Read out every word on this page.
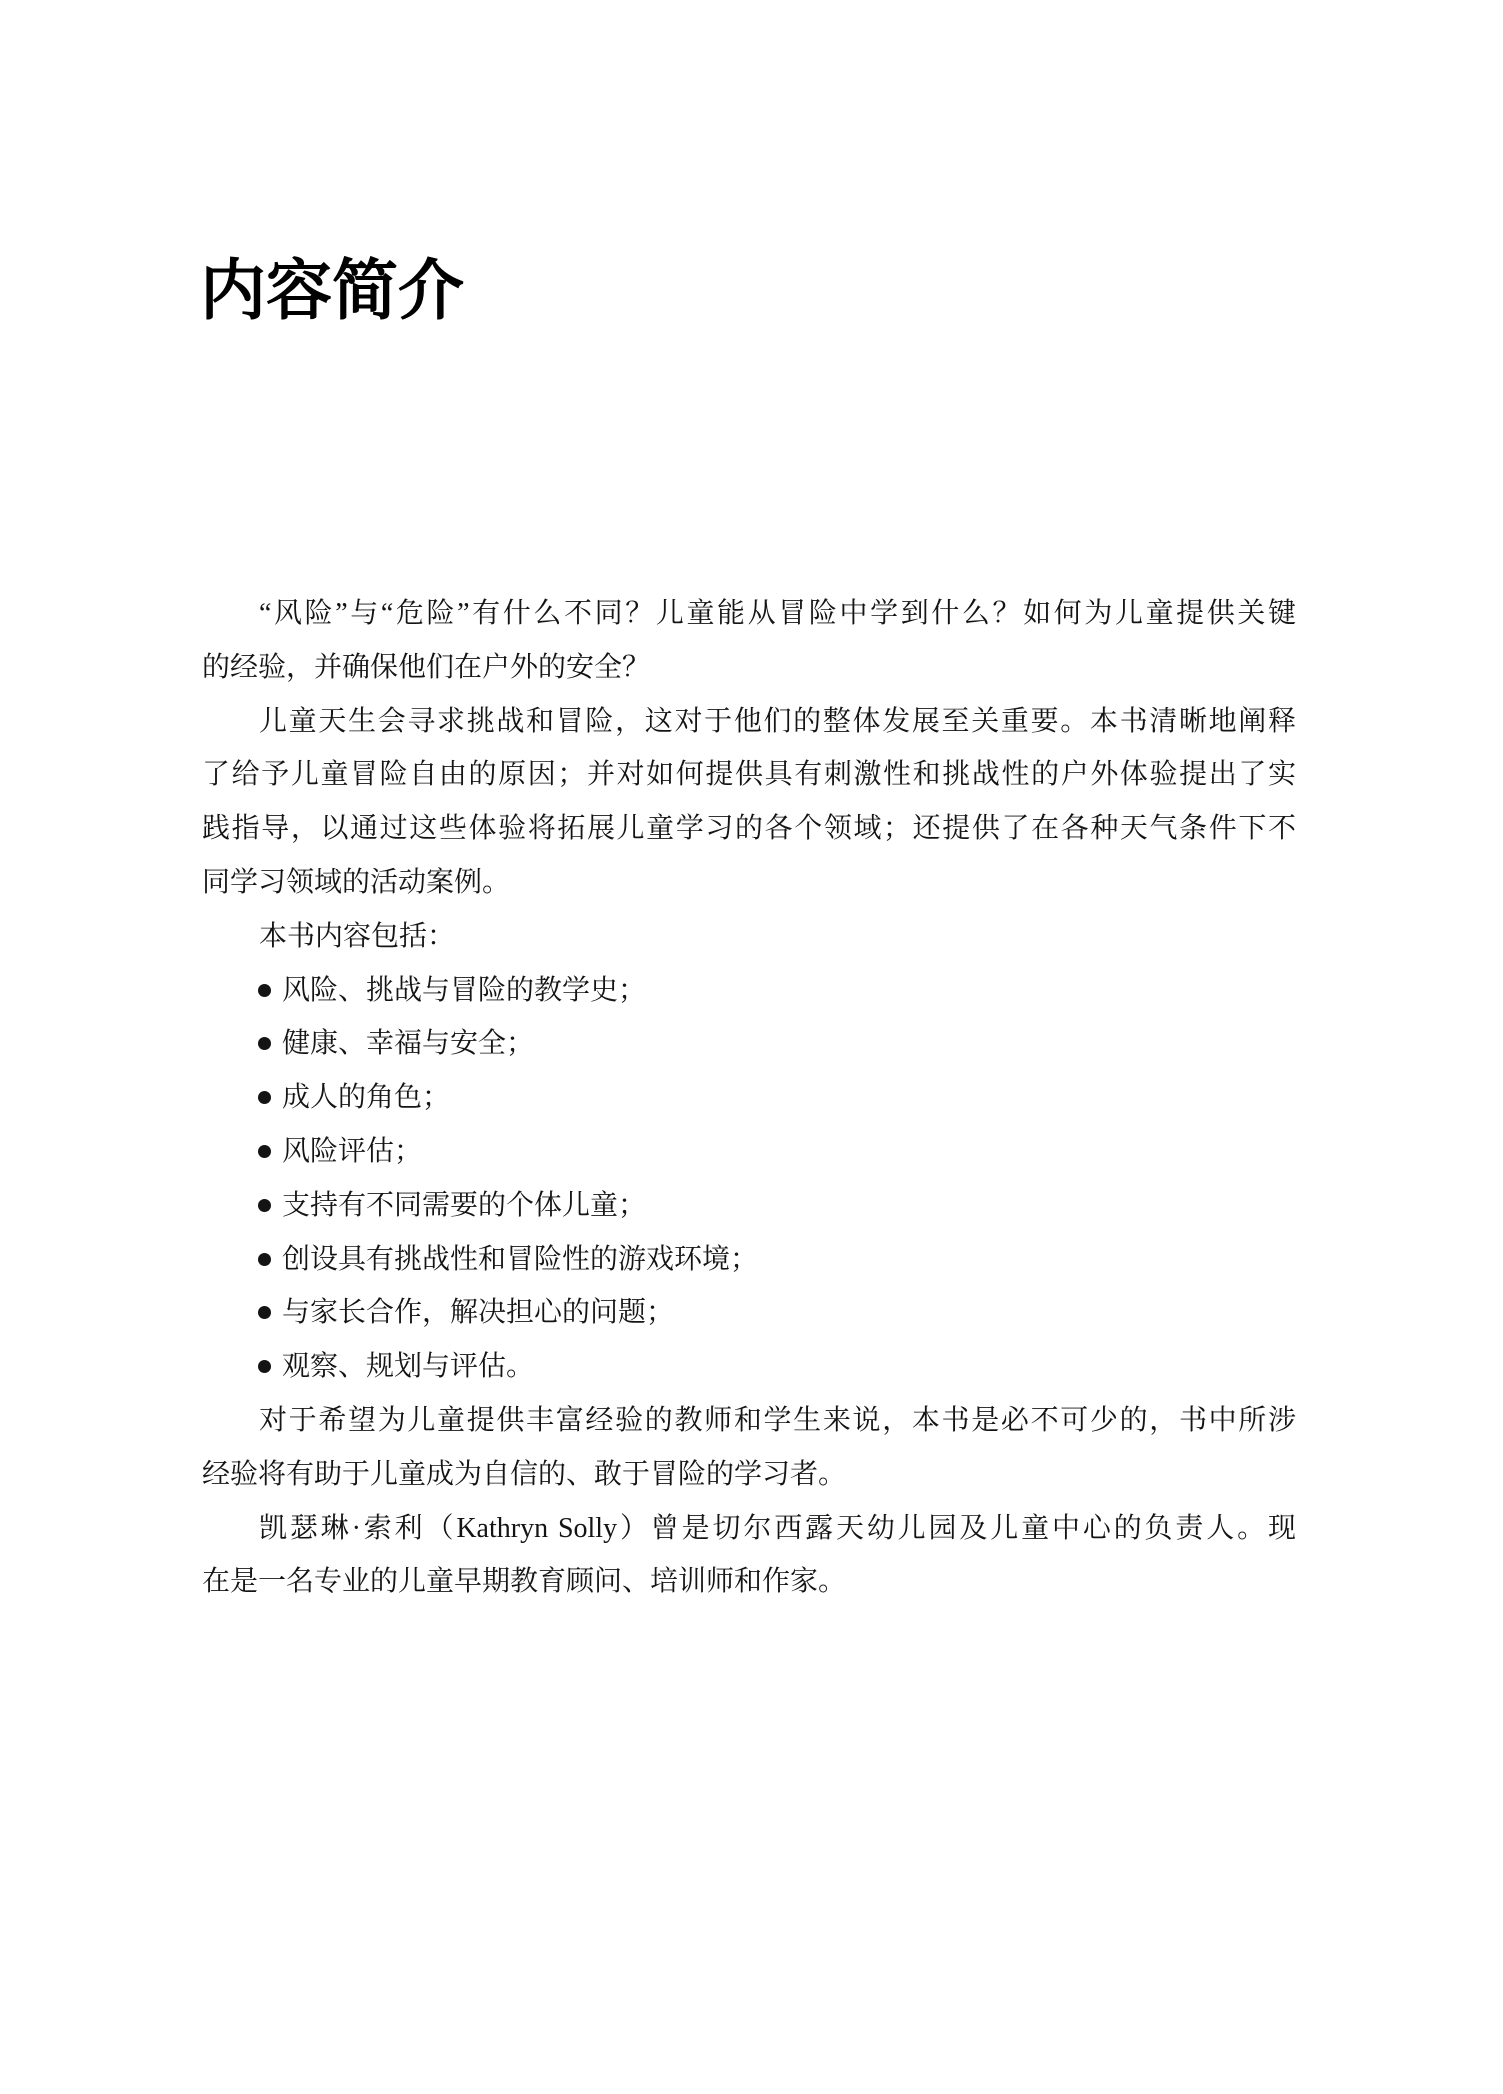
内容简介
“风险”与“危险”有什么不同？儿童能从冒险中学到什么？如何为儿童提供关键
的经验，并确保他们在户外的安全？
儿童天生会寻求挑战和冒险，这对于他们的整体发展至关重要。本书清晰地阐释
了给予儿童冒险自由的原因；并对如何提供具有刺激性和挑战性的户外体验提出了实
践指导，以通过这些体验将拓展儿童学习的各个领域；还提供了在各种天气条件下不
同学习领域的活动案例。
本书内容包括：
风险、挑战与冒险的教学史；
健康、幸福与安全；
成人的角色；
风险评估；
支持有不同需要的个体儿童；
创设具有挑战性和冒险性的游戏环境；
与家长合作，解决担心的问题；
观察、规划与评估。
对于希望为儿童提供丰富经验的教师和学生来说，本书是必不可少的，书中所涉
经验将有助于儿童成为自信的、敢于冒险的学习者。
凯瑟琳·索利（Kathryn Solly）曾是切尔西露天幼儿园及儿童中心的负责人。现
在是一名专业的儿童早期教育顾问、培训师和作家。
